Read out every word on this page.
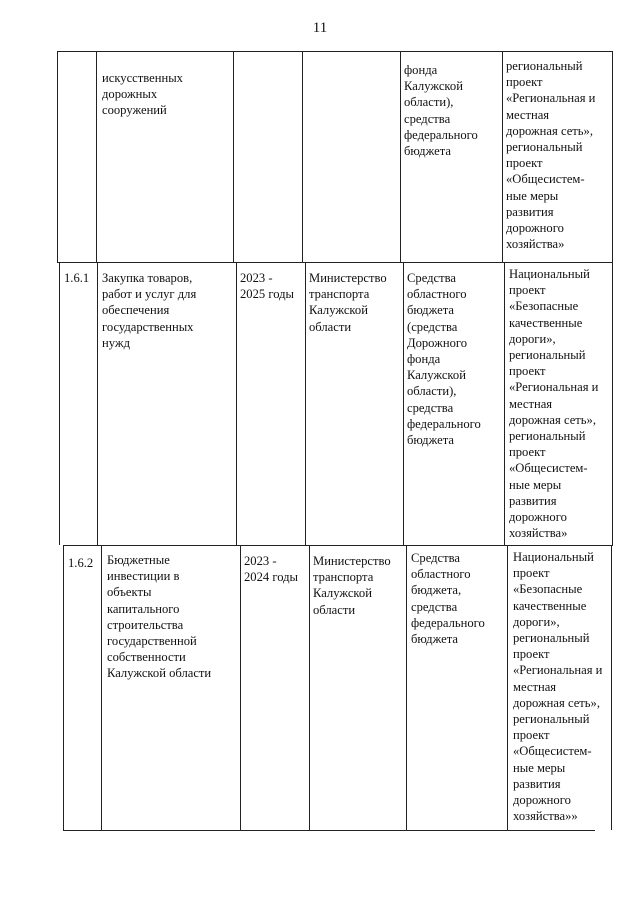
11
искусственных
дорожных
сооружений
фонда
Калужской
области),
средства
федерального
бюджета
региональный
проект
«Региональная и
местная
дорожная сеть»,
региональный
проект
«Общесистем-
ные меры
развития
дорожного
хозяйства»
1.6.1	Закупка товаров,
работ и услуг для
обеспечения
государственных
нужд
2023 -
2025 годы
Министерство
транспорта
Калужской
области
Средства
областного
бюджета
(средства
Дорожного
фонда
Калужской
области),
средства
федерального
бюджета
Национальный
проект
«Безопасные
качественные
дороги»,
региональный
проект
«Региональная и
местная
дорожная сеть»,
региональный
проект
«Общесистем-
ные меры
развития
дорожного
хозяйства»
1.6.2	Бюджетные
инвестиции в
объекты
капитального
строительства
государственной
собственности
Калужской области
2023 -
2024 годы
Министерство
транспорта
Калужской
области
Средства
областного
бюджета,
средства
федерального
бюджета
Национальный
проект
«Безопасные
качественные
дороги»,
региональный
проект
«Региональная и
местная
дорожная сеть»,
региональный
проект
«Общесистем-
ные меры
развития
дорожного
хозяйства»»
